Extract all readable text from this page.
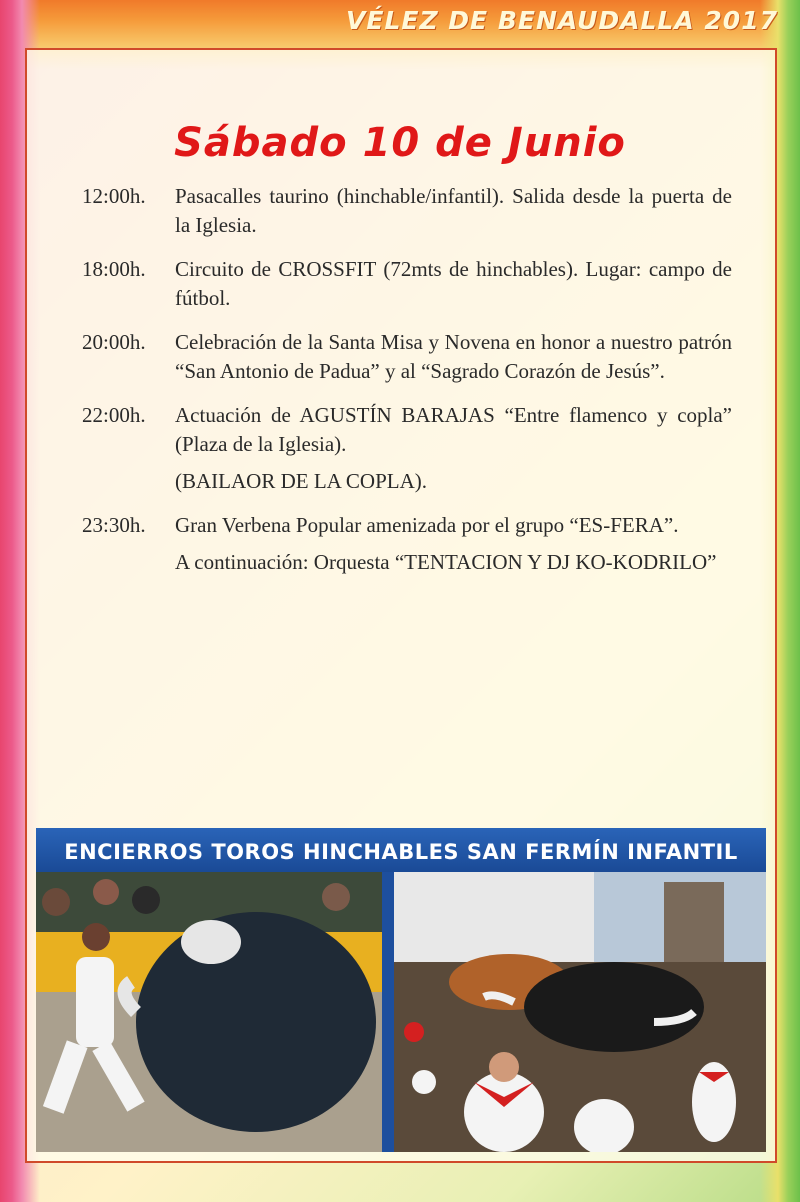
VÉLEZ DE BENAUDALLA 2017
Sábado 10 de Junio
12:00h.	Pasacalles taurino (hinchable/infantil). Salida desde la puerta de la Iglesia.
18:00h.	Circuito de CROSSFIT (72mts de hinchables). Lugar: campo de fútbol.
20:00h.	Celebración de la Santa Misa y Novena en honor a nuestro patrón “San Antonio de Padua” y al “Sagrado Corazón de Jesús”.
22:00h.	Actuación de AGUSTÍN BARAJAS “Entre flamenco y copla” (Plaza de la Iglesia).
(BAILAOR DE LA COPLA).
23:30h.	Gran Verbena Popular amenizada por el grupo “ES-FERA”.
A continuación: Orquesta “TENTACION Y DJ KO-KODRILO”
ENCIERROS TOROS HINCHABLES SAN FERMÍN INFANTIL
